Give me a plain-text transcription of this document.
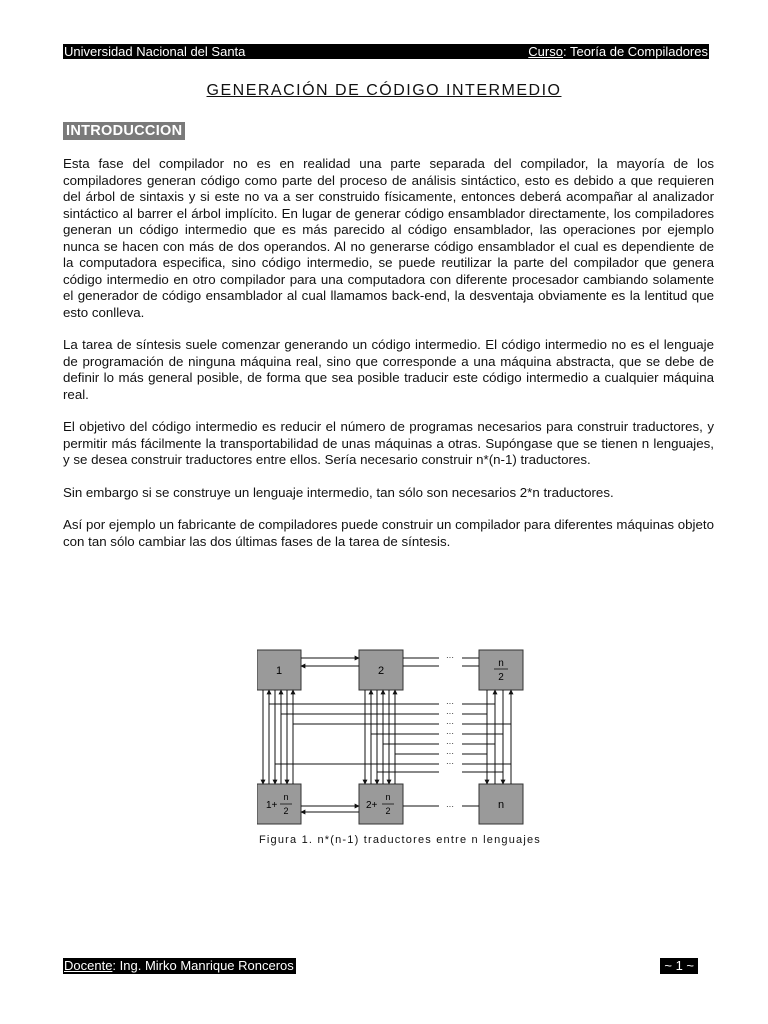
Universidad Nacional del Santa	Curso: Teoría de Compiladores
GENERACIÓN DE CÓDIGO INTERMEDIO
INTRODUCCION

Esta fase del compilador no es en realidad una parte separada del compilador, la mayoría de los compiladores generan código como parte del proceso de análisis sintáctico, esto es debido a que requieren del árbol de sintaxis y si este no va a ser construido físicamente, entonces deberá acompañar al analizador sintáctico al barrer el árbol implícito. En lugar de generar código ensamblador directamente, los compiladores generan un código intermedio que es más parecido al código ensamblador, las operaciones por ejemplo nunca se hacen con más de dos operandos. Al no generarse código ensamblador el cual es dependiente de la computadora especifica, sino código intermedio, se puede reutilizar la parte del compilador que genera código intermedio en otro compilador para una computadora con diferente procesador cambiando solamente el generador de código ensamblador al cual llamamos back-end, la desventaja obviamente es la lentitud que esto conlleva.

La tarea de síntesis suele comenzar generando un código intermedio. El código intermedio no es el lenguaje de programación de ninguna máquina real, sino que corresponde a una máquina abstracta, que se debe de definir lo más general posible, de forma que sea posible traducir este código intermedio a cualquier máquina real.

El objetivo del código intermedio es reducir el número de programas necesarios para construir traductores, y permitir más fácilmente la transportabilidad de unas máquinas a otras. Supóngase que se tienen n lenguajes, y se desea construir traductores entre ellos. Sería necesario construir n*(n-1) traductores.

Sin embargo si se construye un lenguaje intermedio, tan sólo son necesarios 2*n traductores.

Así por ejemplo un fabricante de compiladores puede construir un compilador para diferentes máquinas objeto con tan sólo cambiar las dos últimas fases de la tarea de síntesis.

1	2
n
2
1+
n
2	2+
n
2	n
···
···
···
···
···
···
···
···
···
Figura 1. n*(n-1) traductores entre n lenguajes
Docente: Ing. Mirko Manrique Ronceros	~ 1 ~
